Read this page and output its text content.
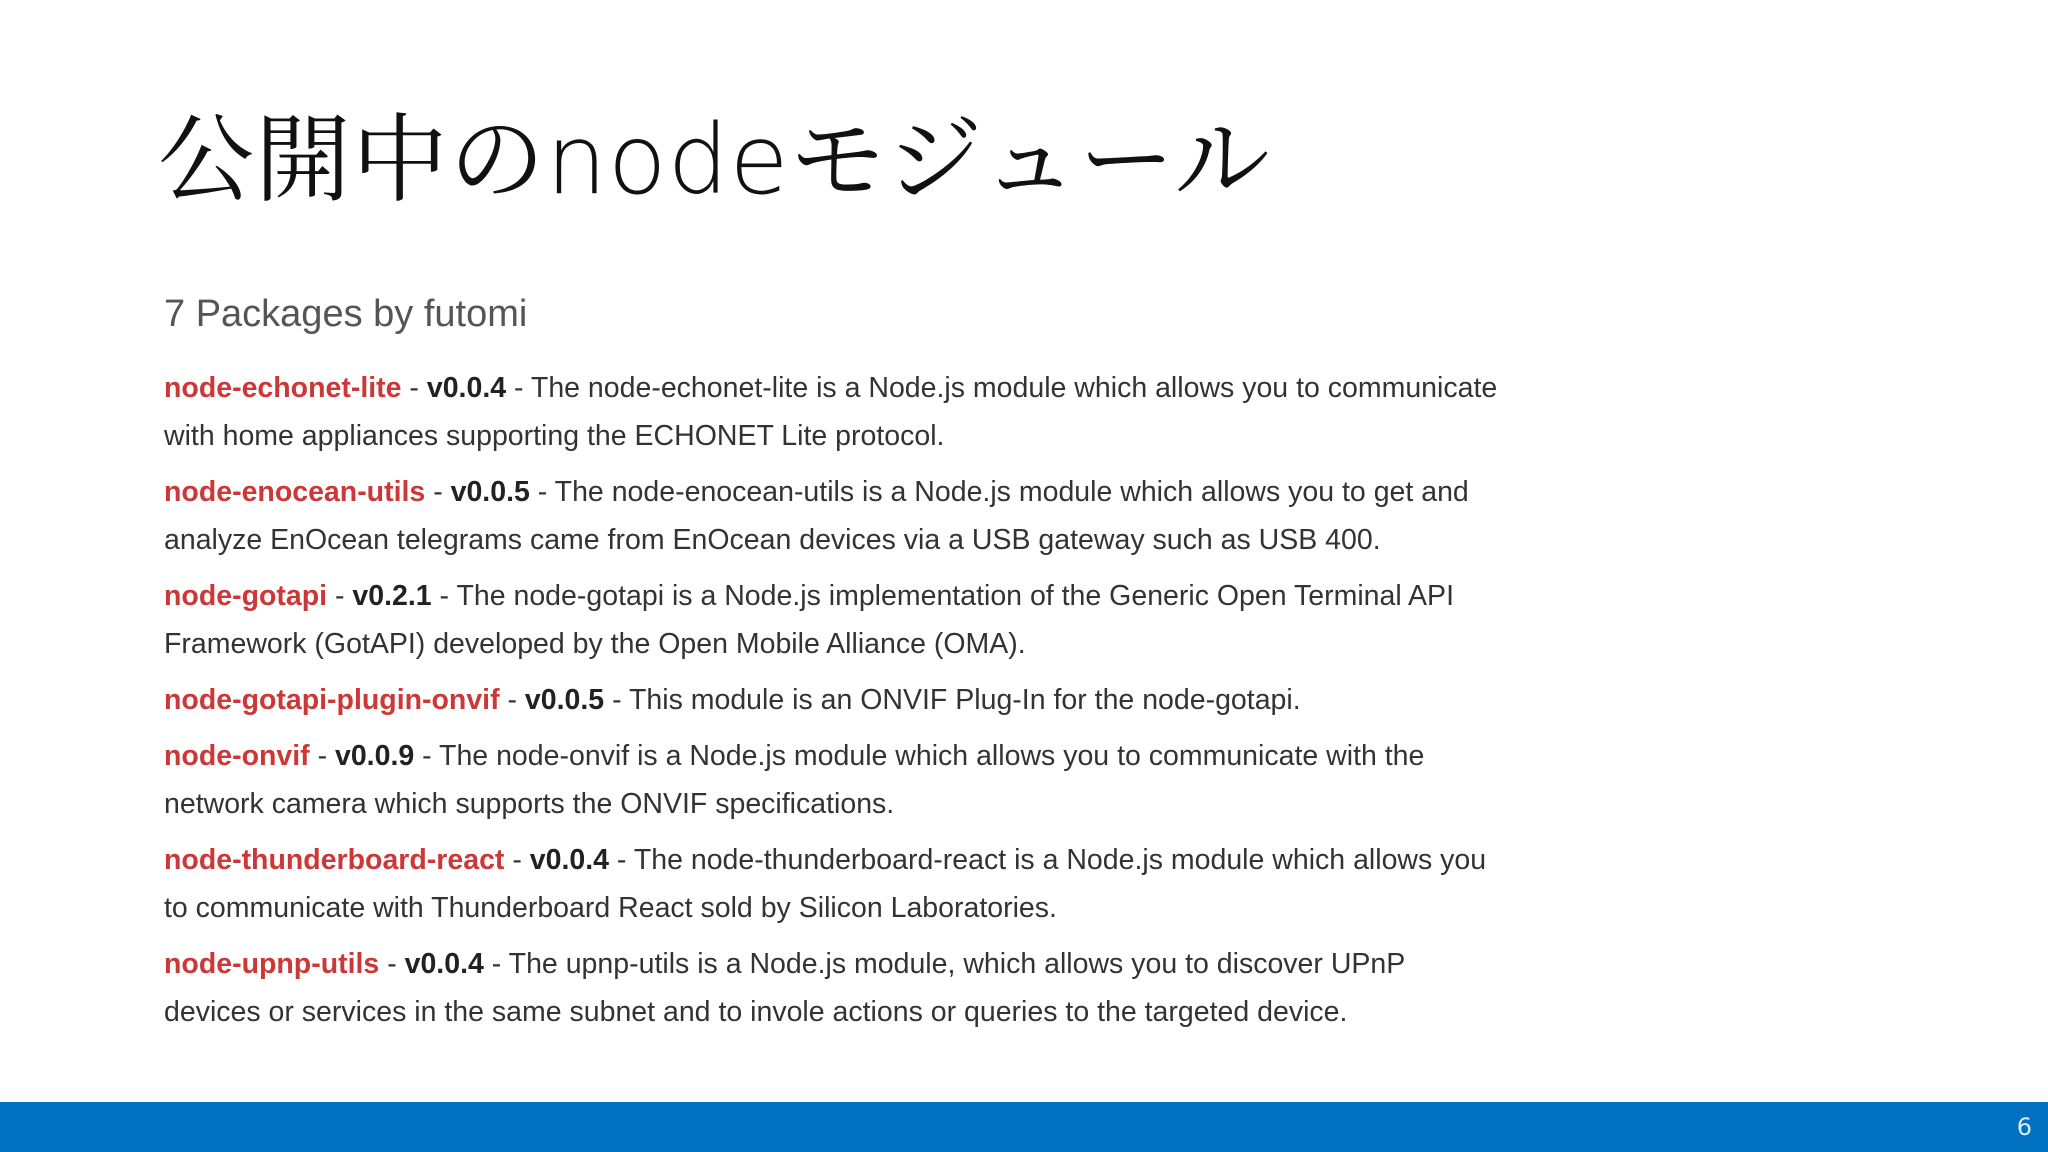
公開中のnodeモジュール
7 Packages by futomi
node-echonet-lite - v0.0.4 - The node-echonet-lite is a Node.js module which allows you to communicate with home appliances supporting the ECHONET Lite protocol.
node-enocean-utils - v0.0.5 - The node-enocean-utils is a Node.js module which allows you to get and analyze EnOcean telegrams came from EnOcean devices via a USB gateway such as USB 400.
node-gotapi - v0.2.1 - The node-gotapi is a Node.js implementation of the Generic Open Terminal API Framework (GotAPI) developed by the Open Mobile Alliance (OMA).
node-gotapi-plugin-onvif - v0.0.5 - This module is an ONVIF Plug-In for the node-gotapi.
node-onvif - v0.0.9 - The node-onvif is a Node.js module which allows you to communicate with the network camera which supports the ONVIF specifications.
node-thunderboard-react - v0.0.4 - The node-thunderboard-react is a Node.js module which allows you to communicate with Thunderboard React sold by Silicon Laboratories.
node-upnp-utils - v0.0.4 - The upnp-utils is a Node.js module, which allows you to discover UPnP devices or services in the same subnet and to invole actions or queries to the targeted device.
6
